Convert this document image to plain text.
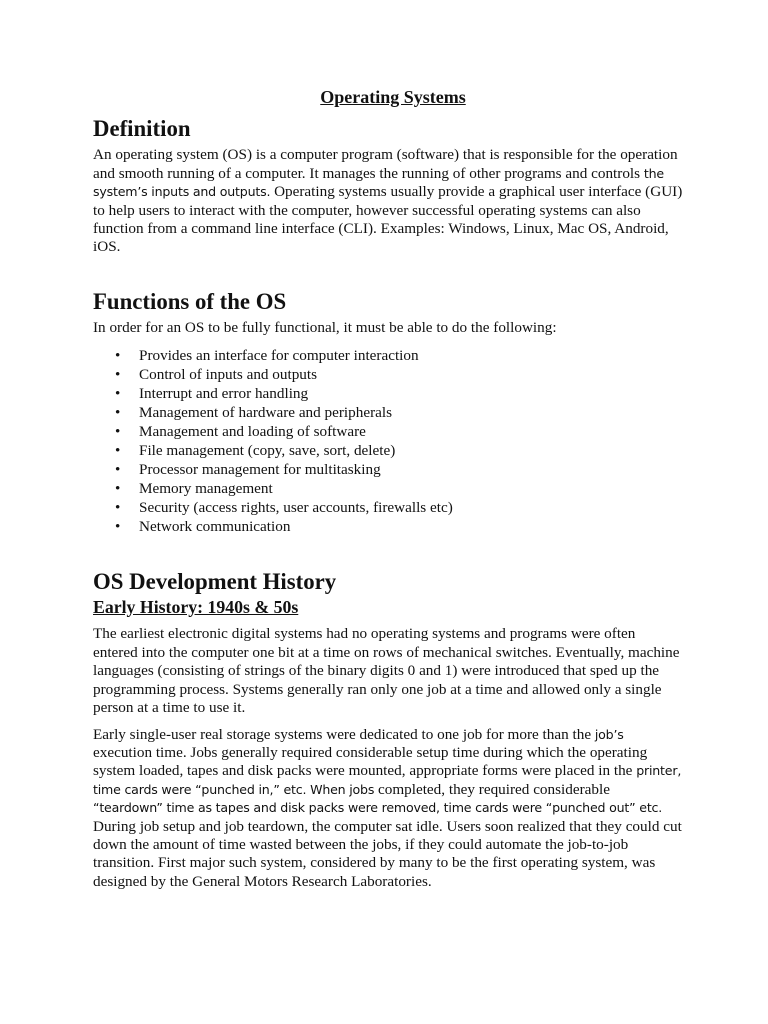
Operating Systems
Definition

An operating system (OS) is a computer program (software) that is responsible for the operation and smooth running of a computer. It manages the running of other programs and controls the system’s inputs and outputs. Operating systems usually provide a graphical user interface (GUI) to help users to interact with the computer, however successful operating systems can also function from a command line interface (CLI). Examples: Windows, Linux, Mac OS, Android, iOS.

Functions of the OS

In order for an OS to be fully functional, it must be able to do the following:

• Provides an interface for computer interaction
• Control of inputs and outputs
• Interrupt and error handling
• Management of hardware and peripherals
• Management and loading of software
• File management (copy, save, sort, delete)
• Processor management for multitasking
• Memory management
• Security (access rights, user accounts, firewalls etc)
• Network communication
OS Development History
Early History: 1940s & 50s

The earliest electronic digital systems had no operating systems and programs were often entered into the computer one bit at a time on rows of mechanical switches. Eventually, machine languages (consisting of strings of the binary digits 0 and 1) were introduced that sped up the programming process. Systems generally ran only one job at a time and allowed only a single person at a time to use it.

Early single-user real storage systems were dedicated to one job for more than the job’s execution time. Jobs generally required considerable setup time during which the operating system loaded, tapes and disk packs were mounted, appropriate forms were placed in the printer, time cards were “punched in,” etc. When jobs completed, they required considerable “teardown” time as tapes and disk packs were removed, time cards were “punched out” etc. During job setup and job teardown, the computer sat idle. Users soon realized that they could cut down the amount of time wasted between the jobs, if they could automate the job-to-job transition. First major such system, considered by many to be the first operating system, was designed by the General Motors Research Laboratories.
